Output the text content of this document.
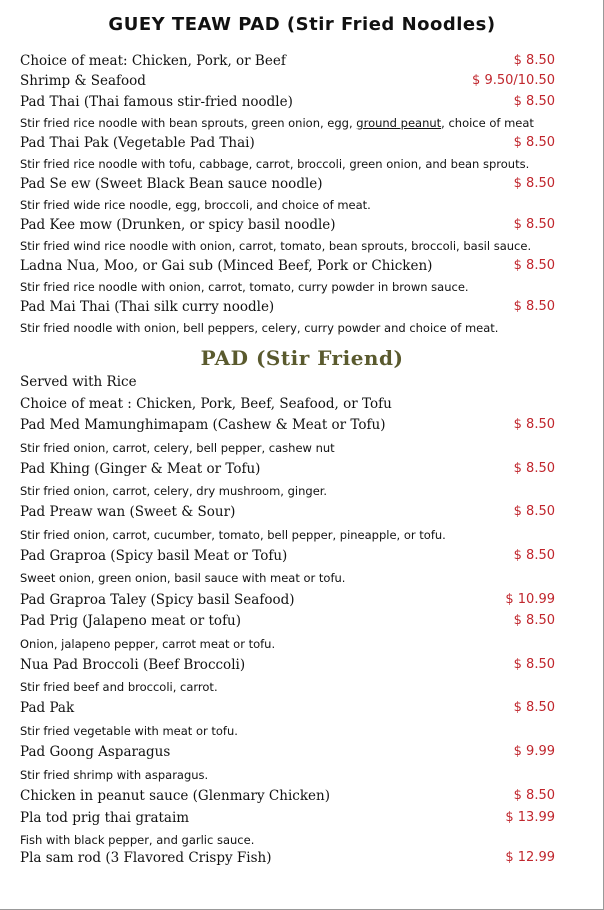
GUEY TEAW PAD (Stir Fried Noodles)
Choice of meat: Chicken, Pork, or Beef	$ 8.50
Shrimp & Seafood	$ 9.50/10.50
Pad Thai (Thai famous stir-fried noodle)	$ 8.50
Stir fried rice noodle with bean sprouts, green onion, egg, ground peanut, choice of meat
Pad Thai Pak (Vegetable Pad Thai)	$ 8.50
Stir fried rice noodle with tofu, cabbage, carrot, broccoli, green onion, and bean sprouts.
Pad Se ew (Sweet Black Bean sauce noodle)	$ 8.50
Stir fried wide rice noodle, egg, broccoli, and choice of meat.
Pad Kee mow (Drunken, or spicy basil noodle)	$ 8.50
Stir fried wind rice noodle with onion, carrot, tomato, bean sprouts, broccoli, basil sauce.
Ladna Nua, Moo, or Gai sub (Minced Beef, Pork or Chicken)	$ 8.50
Stir fried rice noodle with onion, carrot, tomato, curry powder in brown sauce.
Pad Mai Thai (Thai silk curry noodle)	$ 8.50
Stir fried noodle with onion, bell peppers, celery, curry powder and choice of meat.
PAD (Stir Friend)
Served with Rice
Choice of meat : Chicken, Pork, Beef, Seafood, or Tofu
Pad Med Mamunghimapam (Cashew & Meat or Tofu)	$ 8.50
Stir fried onion, carrot, celery, bell pepper, cashew nut
Pad Khing (Ginger & Meat or Tofu)	$ 8.50
Stir fried onion, carrot, celery, dry mushroom, ginger.
Pad Preaw wan (Sweet & Sour)	$ 8.50
Stir fried onion, carrot, cucumber, tomato, bell pepper, pineapple, or tofu.
Pad Graproa (Spicy basil Meat or Tofu)	$ 8.50
Sweet onion, green onion, basil sauce with meat or tofu.
Pad Graproa Taley (Spicy basil Seafood)	$ 10.99
Pad Prig (Jalapeno meat or tofu)	$ 8.50
Onion, jalapeno pepper, carrot meat or tofu.
Nua Pad Broccoli (Beef Broccoli)	$ 8.50
Stir fried beef and broccoli, carrot.
Pad Pak	$ 8.50
Stir fried vegetable with meat or tofu.
Pad Goong Asparagus	$ 9.99
Stir fried shrimp with asparagus.
Chicken in peanut sauce (Glenmary Chicken)	$ 8.50
Pla tod prig thai grataim	$ 13.99
Fish with black pepper, and garlic sauce.
Pla sam rod (3 Flavored Crispy Fish)	$ 12.99
